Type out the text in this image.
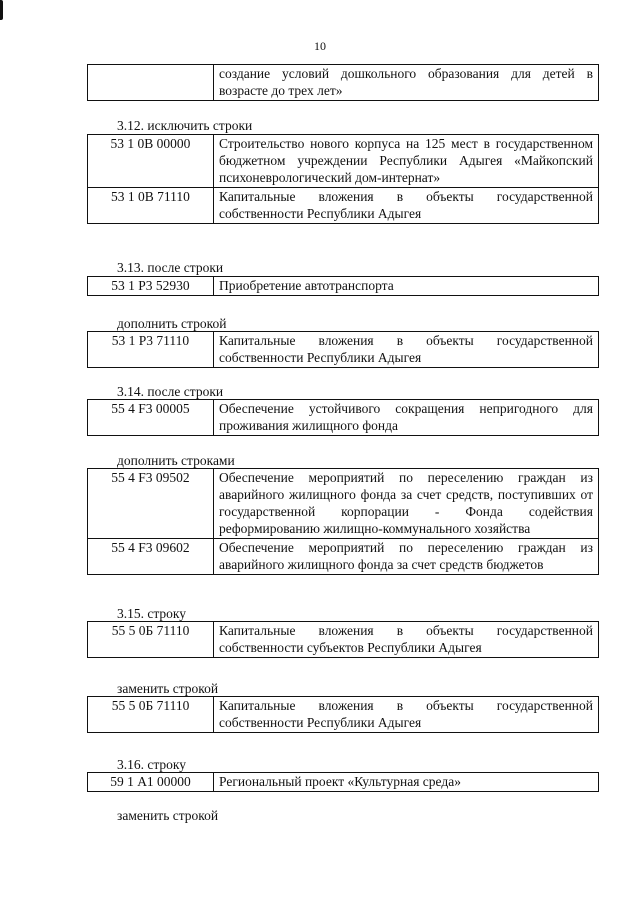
10
	создание условий дошкольного образования для детей в возрасте до трех лет»
3.12. исключить строки
53 1 0В 00000	Строительство нового корпуса на 125 мест в государственном бюджетном учреждении Республики Адыгея «Майкопский психоневрологический дом-интернат»
53 1 0В 71110	Капитальные вложения в объекты государственной собственности Республики Адыгея
3.13. после строки
53 1 Р3 52930	Приобретение автотранспорта
дополнить строкой
53 1 Р3 71110	Капитальные вложения в объекты государственной собственности Республики Адыгея
3.14. после строки
55 4 F3 00005	Обеспечение устойчивого сокращения непригодного для проживания жилищного фонда
дополнить строками
55 4 F3 09502	Обеспечение мероприятий по переселению граждан из аварийного жилищного фонда за счет средств, поступивших от государственной корпорации - Фонда содействия реформированию жилищно-коммунального хозяйства
55 4 F3 09602	Обеспечение мероприятий по переселению граждан из аварийного жилищного фонда за счет средств бюджетов
3.15. строку
55 5 0Б 71110	Капитальные вложения в объекты государственной собственности субъектов Республики Адыгея
заменить строкой
55 5 0Б 71110	Капитальные вложения в объекты государственной собственности Республики Адыгея
3.16. строку
59 1 А1 00000	Региональный проект «Культурная среда»
заменить строкой
